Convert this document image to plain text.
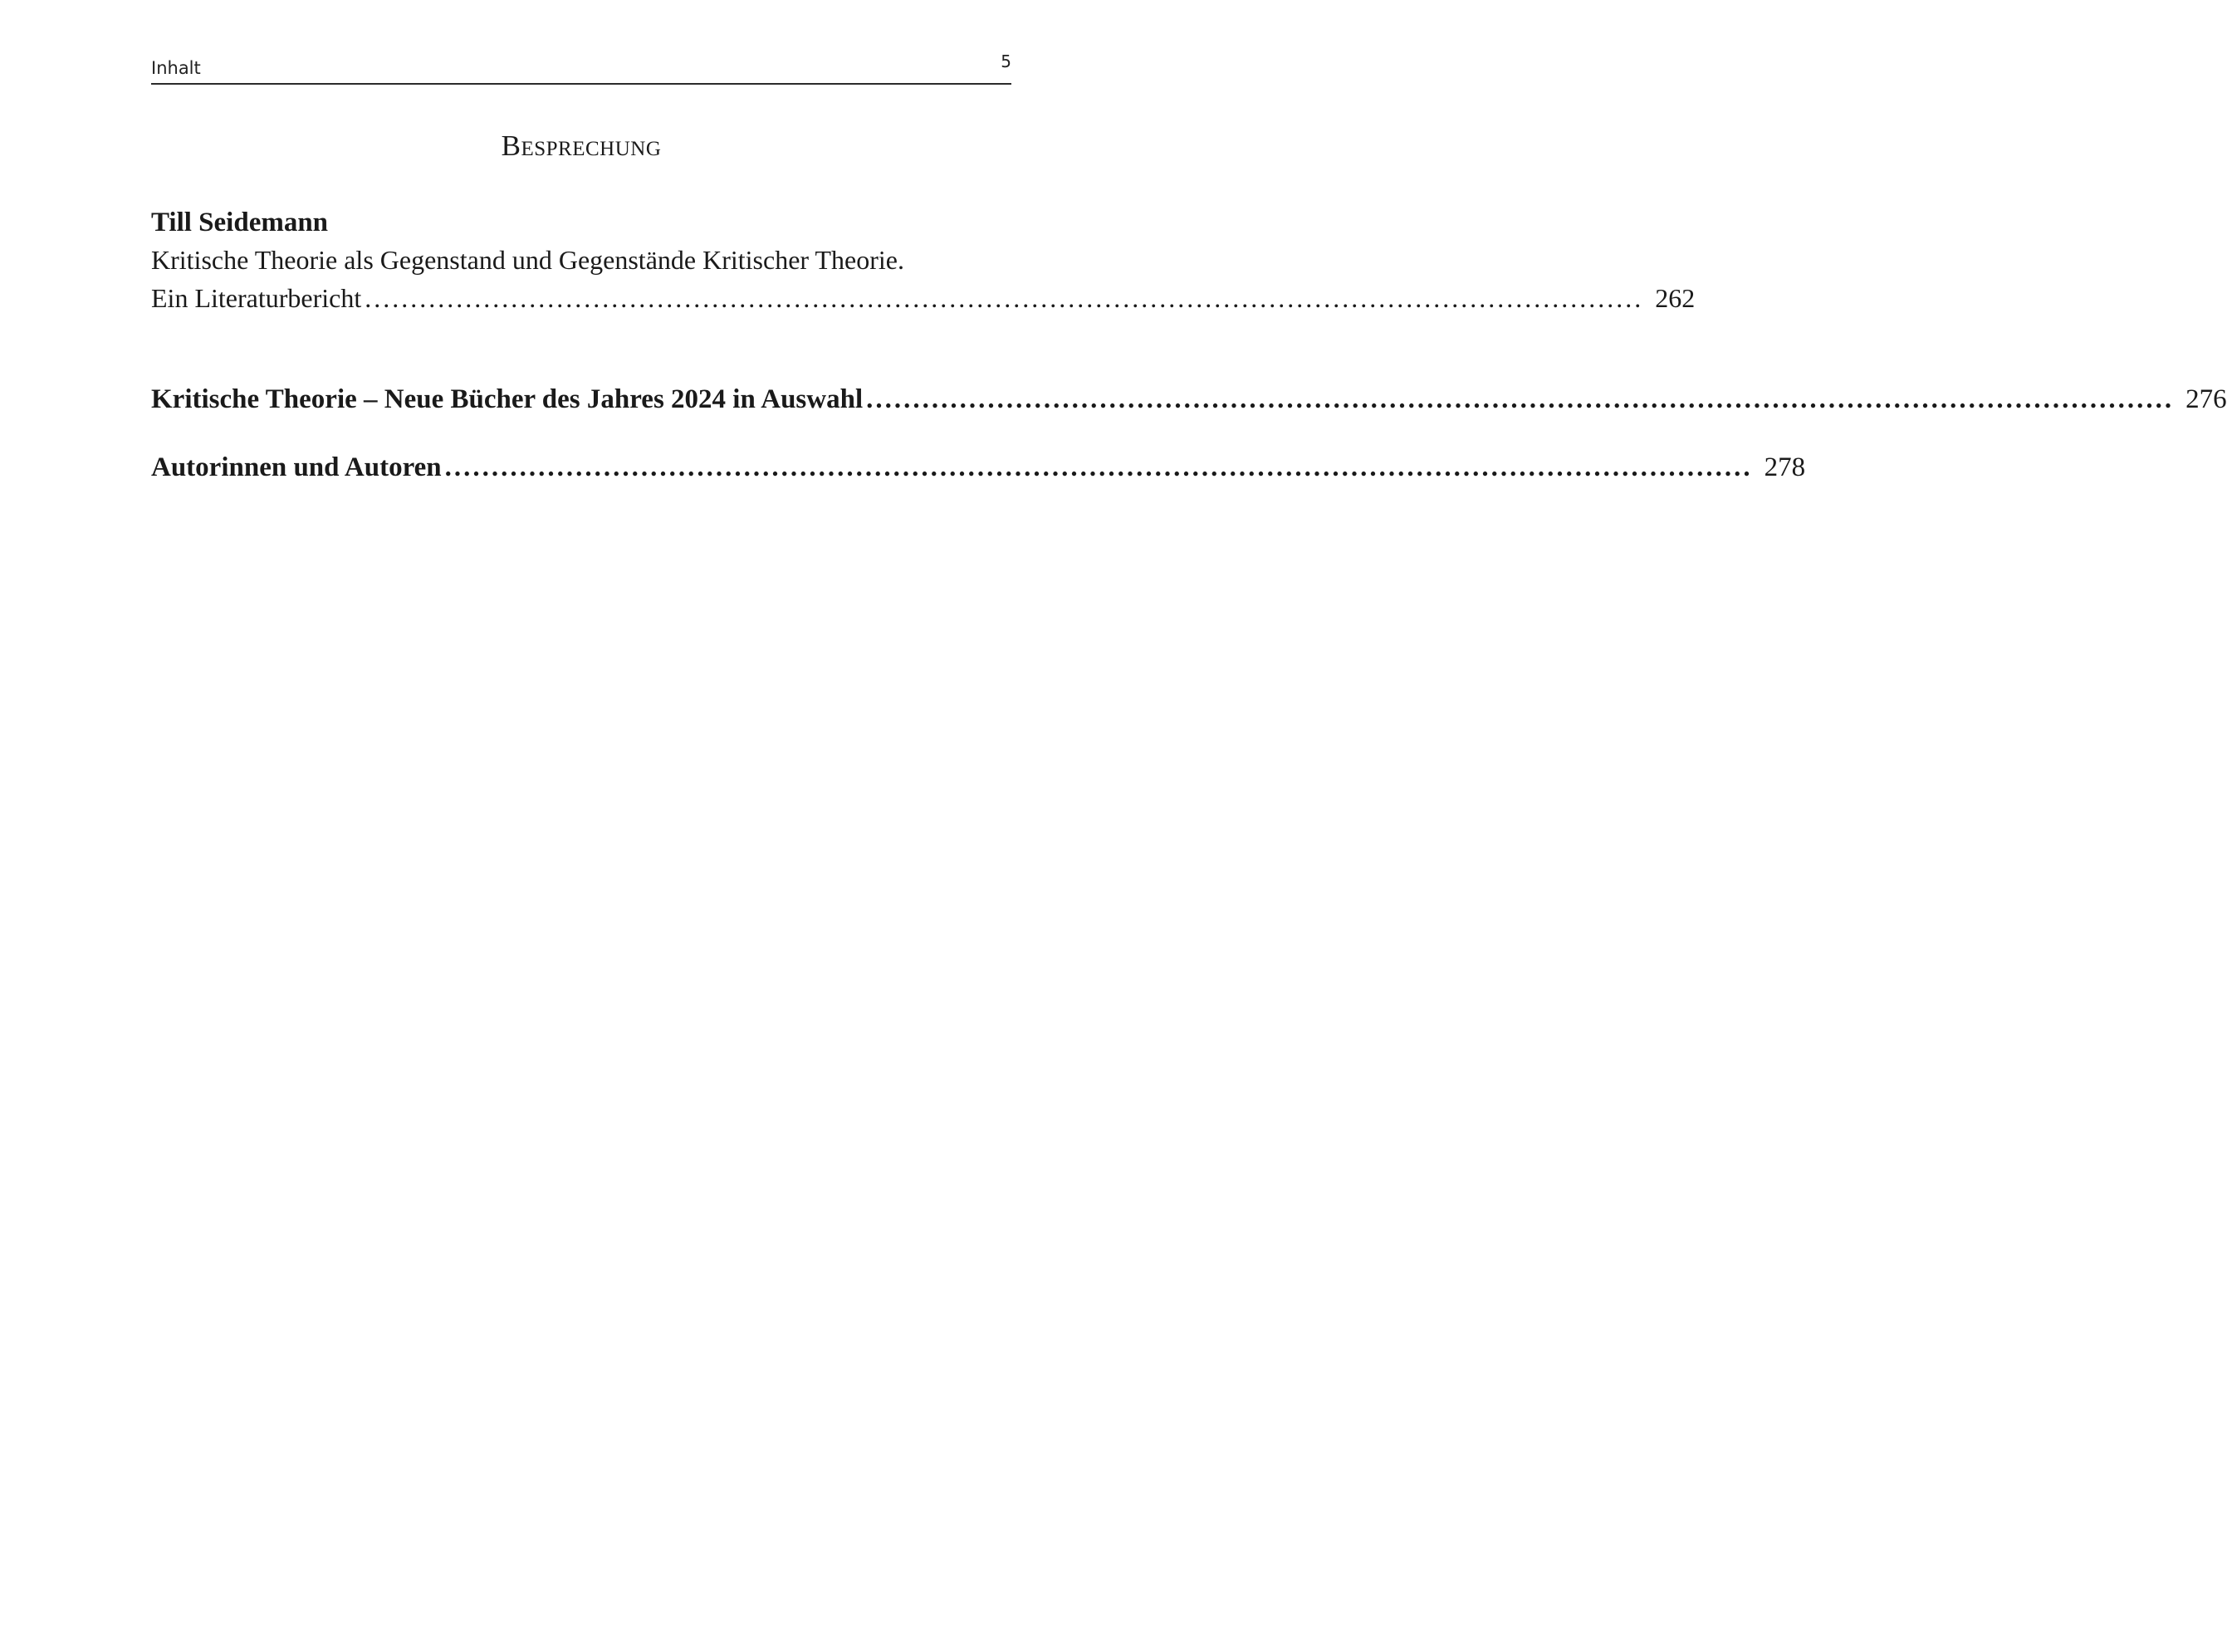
Inhalt	5
Besprechung
Till Seidemann
Kritische Theorie als Gegenstand und Gegenstände Kritischer Theorie.
Ein Literaturbericht ............................................................................................................................................ 262
Kritische Theorie – Neue Bücher des Jahres 2024 in Auswahl ............................................................................................................................................ 276
Autorinnen und Autoren ............................................................................................................................................ 278
